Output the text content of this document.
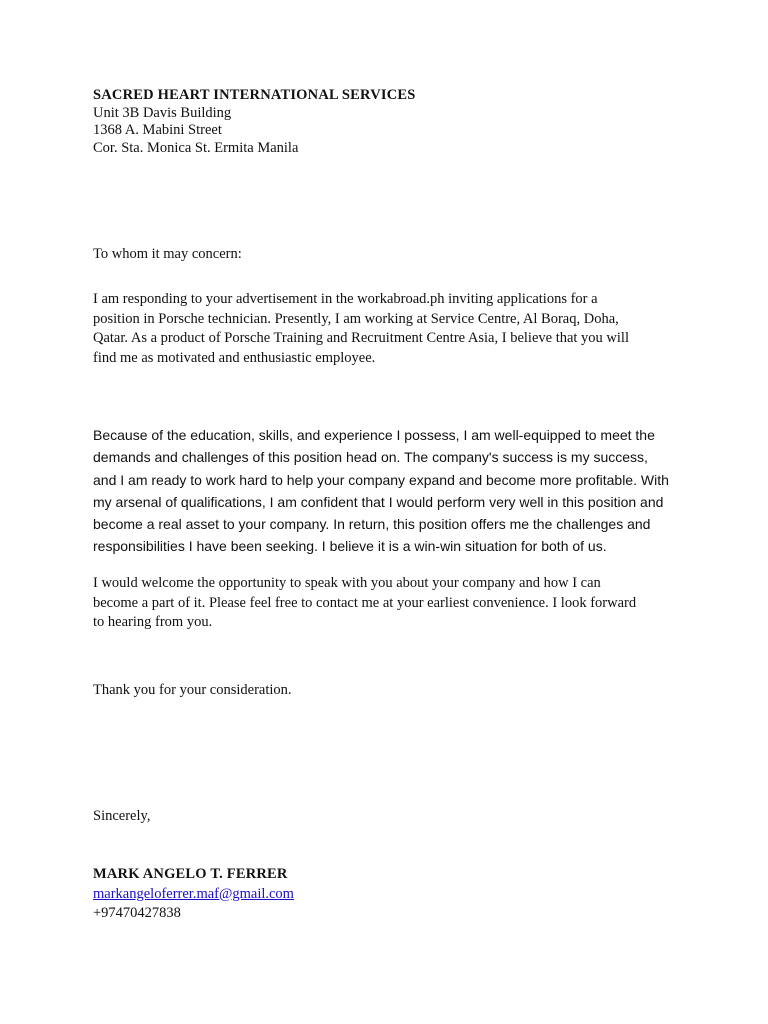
SACRED HEART INTERNATIONAL SERVICES
Unit 3B Davis Building
1368 A. Mabini Street
Cor. Sta. Monica St. Ermita Manila
To whom it may concern:
I am responding to your advertisement in the workabroad.ph inviting applications for a
position in Porsche technician. Presently, I am working at Service Centre, Al Boraq, Doha,
Qatar. As a product of Porsche Training and Recruitment Centre Asia, I believe that you will
find me as motivated and enthusiastic employee.
Because of the education, skills, and experience I possess, I am well-equipped to meet the
demands and challenges of this position head on. The company's success is my success,
and I am ready to work hard to help your company expand and become more profitable. With
my arsenal of qualifications, I am confident that I would perform very well in this position and
become a real asset to your company. In return, this position offers me the challenges and
responsibilities I have been seeking. I believe it is a win-win situation for both of us.
I would welcome the opportunity to speak with you about your company and how I can
become a part of it. Please feel free to contact me at your earliest convenience. I look forward
to hearing from you.
Thank you for your consideration.
Sincerely,
MARK ANGELO T. FERRER
markangeloferrer.maf@gmail.com
+97470427838
